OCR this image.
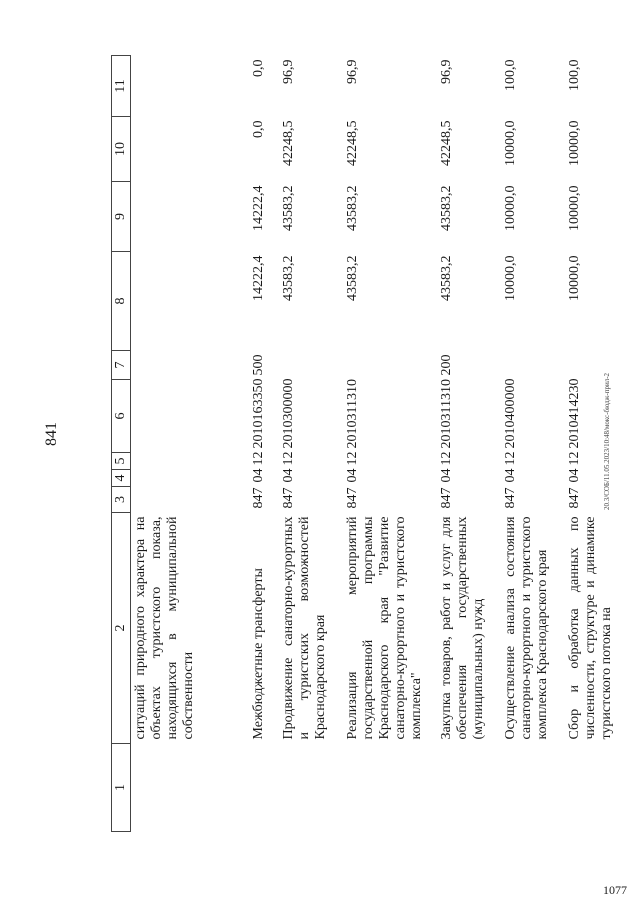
841	20.3/СОБ/11.05.2023/10:48/мокс-бюдж-прил-2
1077
1	2	3	4	5	6	7	8	9	10	11
	ситуаций природного характера на объектах туристского показа, находящихся в муниципальной собственности									
	Межбюджетные трансферты	847	04	12	2010163350	500	14222,4	14222,4	0,0	0,0
	Продвижение санаторно-курортных и туристских возможностей Краснодарского края	847	04	12	2010300000		43583,2	43583,2	42248,5	96,9
	Реализация мероприятий государственной программы Краснодарского края "Развитие санаторно-курортного и туристского комплекса"	847	04	12	2010311310		43583,2	43583,2	42248,5	96,9
	Закупка товаров, работ и услуг для обеспечения государственных (муниципальных) нужд	847	04	12	2010311310	200	43583,2	43583,2	42248,5	96,9
	Осуществление анализа состояния санаторно-курортного и туристского комплекса Краснодарского края	847	04	12	2010400000		10000,0	10000,0	10000,0	100,0
	Сбор и обработка данных по численности, структуре и динамике туристского потока на	847	04	12	2010414230		10000,0	10000,0	10000,0	100,0
